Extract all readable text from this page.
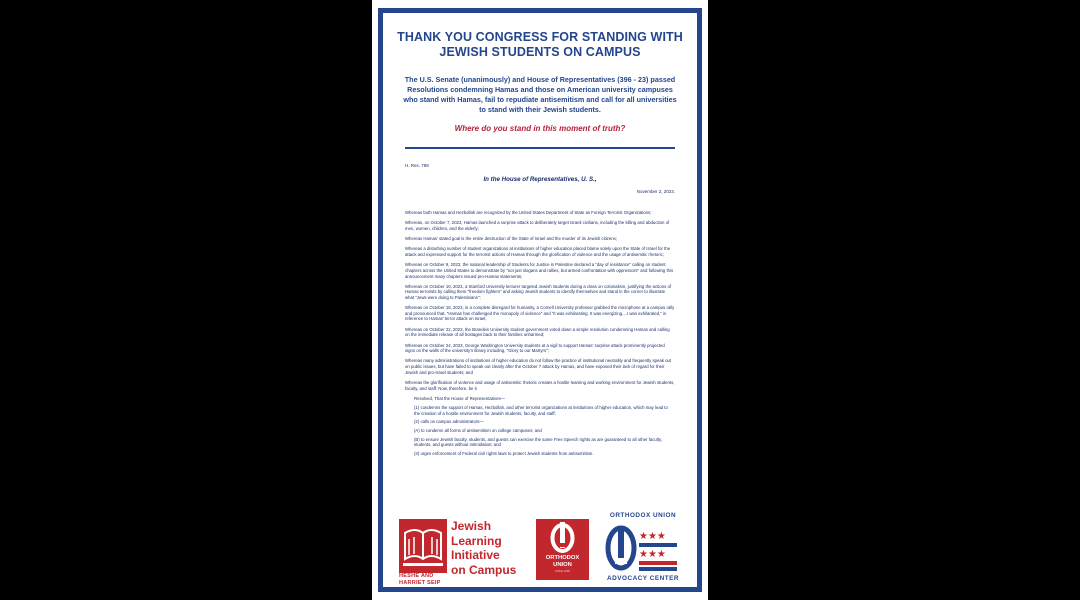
THANK YOU CONGRESS FOR STANDING WITH JEWISH STUDENTS ON CAMPUS
The U.S. Senate (unanimously) and House of Representatives (396 - 23) passed Resolutions condemning Hamas and those on American university campuses who stand with Hamas, fail to repudiate antisemitism and call for all universities to stand with their Jewish students.
Where do you stand in this moment of truth?
H. Res. 798
In the House of Representatives, U. S.,
November 2, 2023.
Whereas both Hamas and Hezbollah are recognized by the United States Department of State as Foreign Terrorist Organizations;
Whereas, on October 7, 2023, Hamas launched a surprise attack to deliberately target Israeli civilians, including the killing and abduction of men, women, children, and the elderly;
Whereas Hamas' stated goal is the entire destruction of the State of Israel and the murder of its Jewish citizens;
Whereas a disturbing number of student organizations at institutions of higher education placed blame solely upon the State of Israel for the attack and expressed support for the terrorist actions of Hamas through the glorification of violence and the usage of antisemitic rhetoric;
Whereas on October 9, 2023, the national leadership of Students for Justice in Palestine declared a "day of resistance" calling on student chapters across the United States to demonstrate by "not just slogans and rallies, but armed confrontation with oppressors" and following this announcement many chapters issued pro-Hamas statements;
Whereas on October 10, 2023, a Stanford University lecturer targeted Jewish students during a class on colonialism, justifying the actions of Hamas terrorists by calling them "freedom fighters" and asking Jewish students to identify themselves and stand in the corner to illustrate what "Jews were doing to Palestinians";
Whereas on October 15, 2023, in a complete disregard for humanity, a Cornell University professor grabbed the microphone at a campus rally and pronounced that, "Hamas has challenged the monopoly of violence" and "it was exhilarating. It was energizing....I was exhilarated," in reference to Hamas' terror attack on Israel;
Whereas on October 22, 2023, the Brandeis University student government voted down a simple resolution condemning Hamas and calling on the immediate release of all hostages back to their families unharmed;
Whereas on October 24, 2023, George Washington University students at a vigil to support Hamas' surprise attack prominently projected signs on the walls of the university's library including, "Glory to our Martyrs";
Whereas many administrations of institutions of higher education do not follow the practice of institutional neutrality and frequently speak out on public issues, but have failed to speak out clearly after the October 7 attack by Hamas, and have exposed their lack of regard for their Jewish and pro-Israel students; and
Whereas the glorification of violence and usage of antisemitic rhetoric creates a hostile learning and working environment for Jewish students, faculty, and staff: Now, therefore, be it
Resolved, That the House of Representatives—
(1) condemns the support of Hamas, Hezbollah, and other terrorist organizations at institutions of higher education, which may lead to the creation of a hostile environment for Jewish students, faculty, and staff;
(2) calls on campus administrators—
(A) to condemn all forms of antisemitism on college campuses; and
(B) to ensure Jewish faculty, students, and guests can exercise the same Free Speech rights as are guaranteed to all other faculty, students, and guests without intimidation; and
(3) urges enforcement of Federal civil rights laws to protect Jewish students from antisemitism.
HESHE AND
HARRIET SEIP
Jewish
Learning
Initiative
on Campus
ORTHODOX
UNION
SINCE 1898
ORTHODOX UNION
★★★
★★★
ADVOCACY CENTER
